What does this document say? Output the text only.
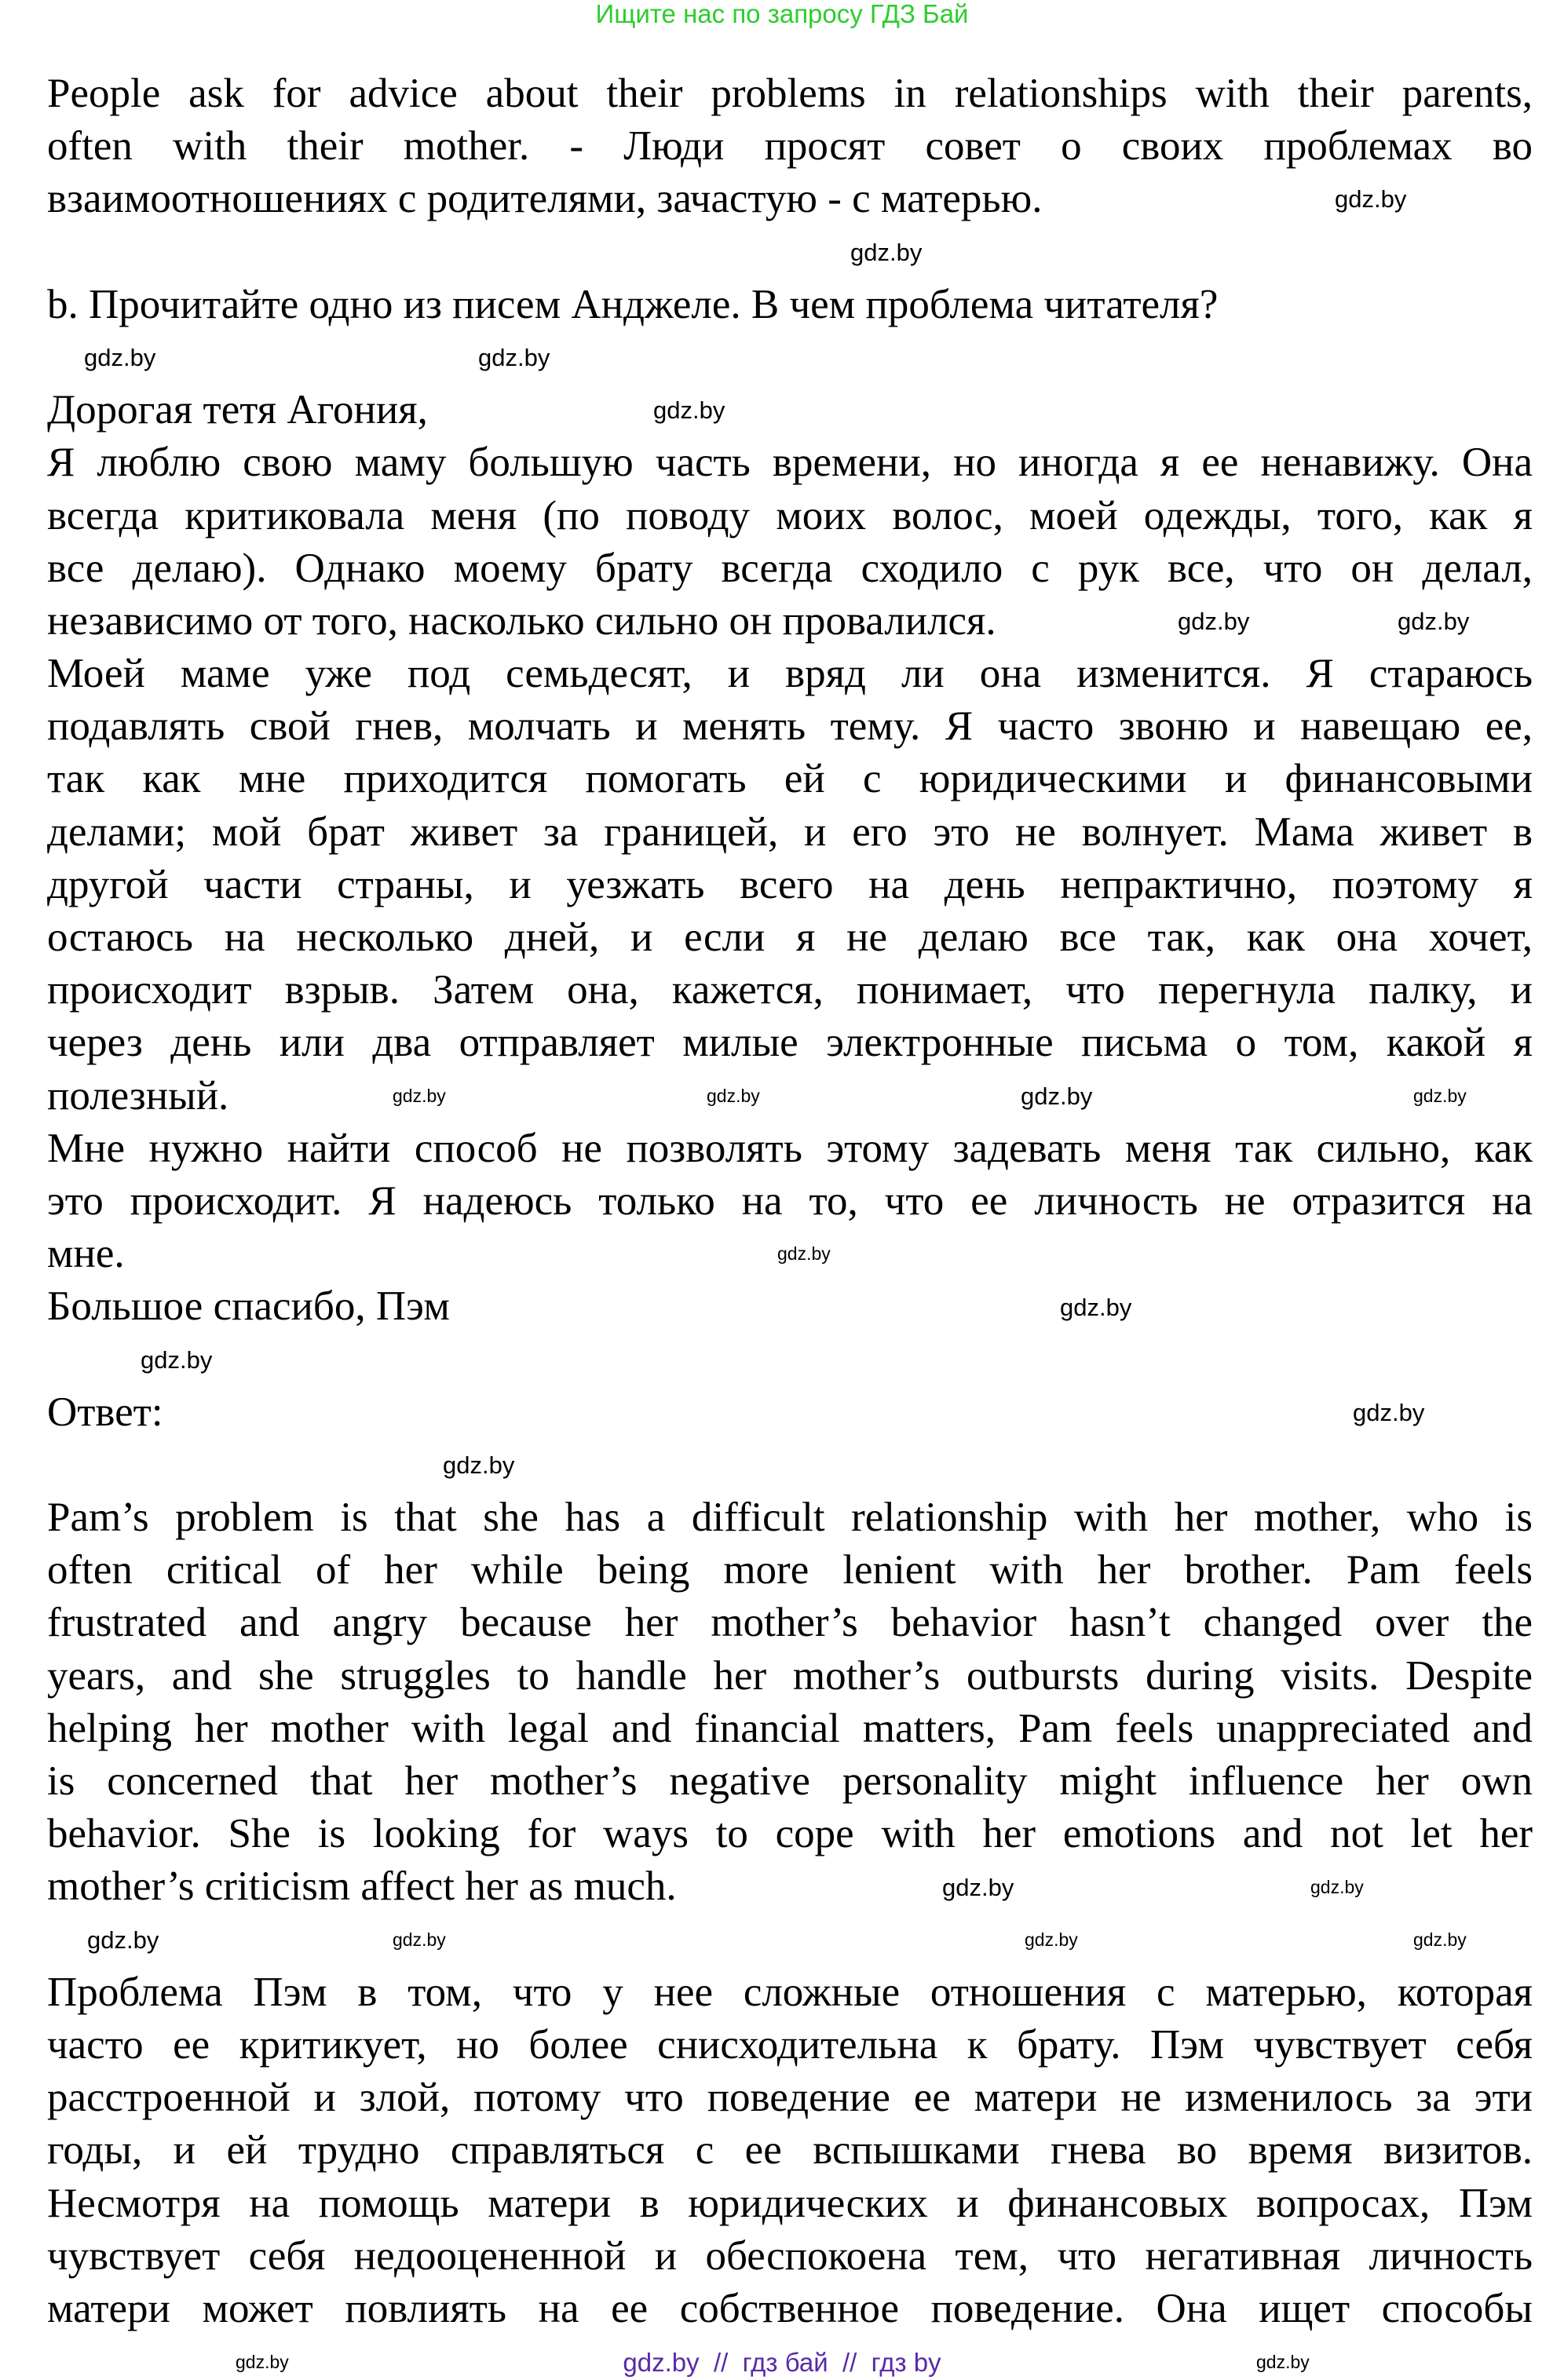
Ищите нас по запросу ГДЗ Бай
People ask for advice about their problems in relationships with their parents,
often with their mother. - Люди просят совет о своих проблемах во
взаимоотношениях с родителями, зачастую - с матерью.
b. Прочитайте одно из писем Анджеле. В чем проблема читателя?
Дорогая тетя Агония,
Я люблю свою маму большую часть времени, но иногда я ее ненавижу. Она
всегда критиковала меня (по поводу моих волос, моей одежды, того, как я
все делаю). Однако моему брату всегда сходило с рук все, что он делал,
независимо от того, насколько сильно он провалился.
Моей маме уже под семьдесят, и вряд ли она изменится. Я стараюсь
подавлять свой гнев, молчать и менять тему. Я часто звоню и навещаю ее,
так как мне приходится помогать ей с юридическими и финансовыми
делами; мой брат живет за границей, и его это не волнует. Мама живет в
другой части страны, и уезжать всего на день непрактично, поэтому я
остаюсь на несколько дней, и если я не делаю все так, как она хочет,
происходит взрыв. Затем она, кажется, понимает, что перегнула палку, и
через день или два отправляет милые электронные письма о том, какой я
полезный.
Мне нужно найти способ не позволять этому задевать меня так сильно, как
это происходит. Я надеюсь только на то, что ее личность не отразится на
мне.
Большое спасибо, Пэм
Ответ:
Pam’s problem is that she has a difficult relationship with her mother, who is
often critical of her while being more lenient with her brother. Pam feels
frustrated and angry because her mother’s behavior hasn’t changed over the
years, and she struggles to handle her mother’s outbursts during visits. Despite
helping her mother with legal and financial matters, Pam feels unappreciated and
is concerned that her mother’s negative personality might influence her own
behavior. She is looking for ways to cope with her emotions and not let her
mother’s criticism affect her as much.
Проблема Пэм в том, что у нее сложные отношения с матерью, которая
часто ее критикует, но более снисходительна к брату. Пэм чувствует себя
расстроенной и злой, потому что поведение ее матери не изменилось за эти
годы, и ей трудно справляться с ее вспышками гнева во время визитов.
Несмотря на помощь матери в юридических и финансовых вопросах, Пэм
чувствует себя недооцененной и обеспокоена тем, что негативная личность
матери может повлиять на ее собственное поведение. Она ищет способы
gdz.by
gdz.by
gdz.by
gdz.by
gdz.by
gdz.by	gdz.by
gdz.by	gdz.by	gdz.by
gdz.by
gdz.by
gdz.by
gdz.by
gdz.by
gdz.by
gdz.by
gdz.by
gdz.by
gdz.by	gdz.by	gdz.by
gdz.by	gdz.by
gdz.by  //  гдз бай  //  гдз by
